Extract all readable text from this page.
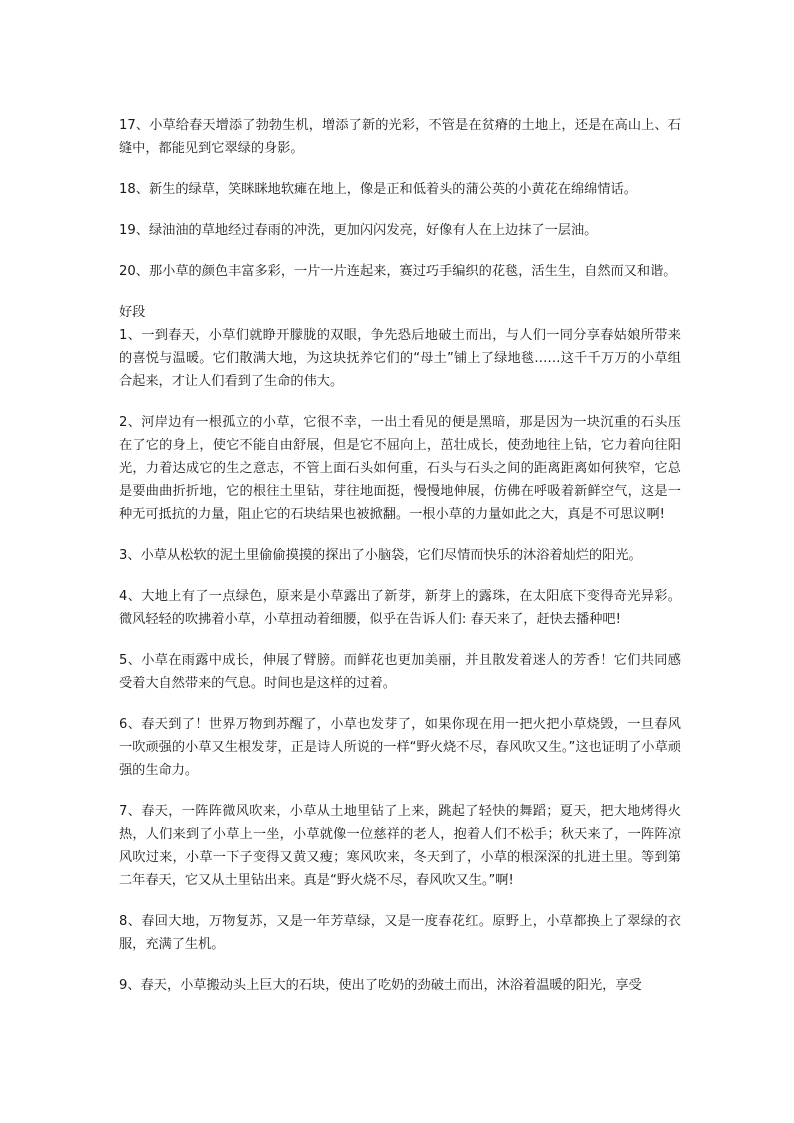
17、小草给春天增添了勃勃生机，增添了新的光彩，不管是在贫瘠的土地上，还是在高山上、石缝中，都能见到它翠绿的身影。

18、新生的绿草，笑眯眯地软瘫在地上，像是正和低着头的蒲公英的小黄花在绵绵情话。

19、绿油油的草地经过春雨的冲洗，更加闪闪发亮，好像有人在上边抹了一层油。

20、那小草的颜色丰富多彩，一片一片连起来，赛过巧手编织的花毯，活生生，自然而又和谐。

好段

1、一到春天，小草们就睁开朦胧的双眼，争先恐后地破土而出，与人们一同分享春姑娘所带来的喜悦与温暖。它们散满大地，为这块抚养它们的“母土”铺上了绿地毯……这千千万万的小草组合起来，才让人们看到了生命的伟大。

2、河岸边有一根孤立的小草，它很不幸，一出土看见的便是黑暗，那是因为一块沉重的石头压在了它的身上，使它不能自由舒展，但是它不屈向上，茁壮成长，使劲地往上钻，它力着向往阳光，力着达成它的生之意志，不管上面石头如何重，石头与石头之间的距离距离如何狭窄，它总是要曲曲折折地，它的根往土里钻，芽往地面挺，慢慢地伸展，仿佛在呼吸着新鲜空气，这是一种无可抵抗的力量，阻止它的石块结果也被掀翻。一根小草的力量如此之大，真是不可思议啊!

3、小草从松软的泥土里偷偷摸摸的探出了小脑袋，它们尽情而快乐的沐浴着灿烂的阳光。

4、大地上有了一点绿色，原来是小草露出了新芽，新芽上的露珠，在太阳底下变得奇光异彩。微风轻轻的吹拂着小草，小草扭动着细腰，似乎在告诉人们: 春天来了，赶快去播种吧!

5、小草在雨露中成长，伸展了臂膀。而鲜花也更加美丽，并且散发着迷人的芳香！它们共同感受着大自然带来的气息。时间也是这样的过着。

6、春天到了！世界万物到苏醒了，小草也发芽了，如果你现在用一把火把小草烧毁，一旦春风一吹顽强的小草又生根发芽，正是诗人所说的一样“野火烧不尽，春风吹又生。”这也证明了小草顽强的生命力。

7、春天，一阵阵微风吹来，小草从土地里钻了上来，跳起了轻快的舞蹈；夏天，把大地烤得火热，人们来到了小草上一坐，小草就像一位慈祥的老人，抱着人们不松手；秋天来了，一阵阵凉风吹过来，小草一下子变得又黄又瘦；寒风吹来，冬天到了，小草的根深深的扎进土里。等到第二年春天，它又从土里钻出来。真是“野火烧不尽，春风吹又生。”啊!

8、春回大地，万物复苏，又是一年芳草绿，又是一度春花红。原野上，小草都换上了翠绿的衣服，充满了生机。

9、春天，小草搬动头上巨大的石块，使出了吃奶的劲破土而出，沐浴着温暖的阳光，享受
